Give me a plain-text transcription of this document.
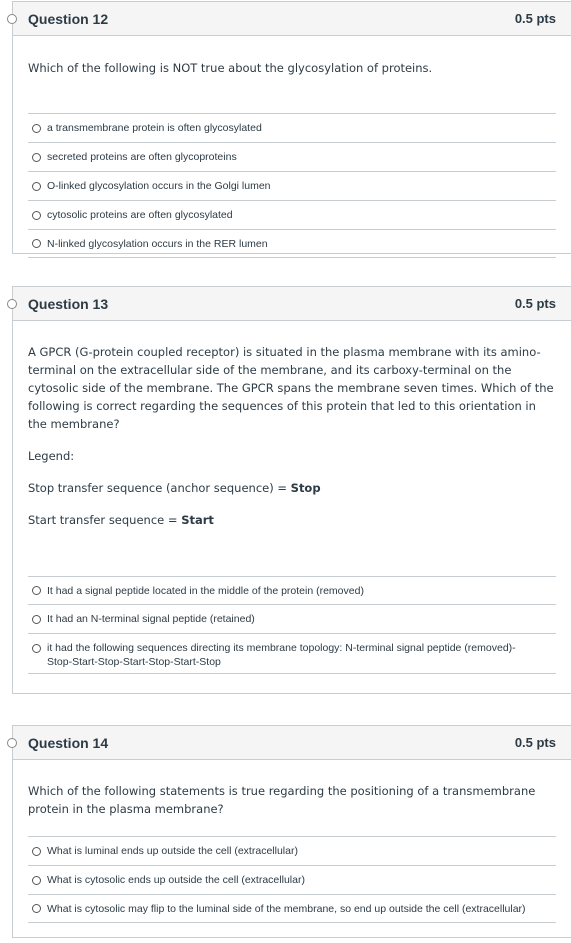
Question 12	0.5 pts

Which of the following is NOT true about the glycosylation of proteins.

a transmembrane protein is often glycosylated
secreted proteins are often glycoproteins
O-linked glycosylation occurs in the Golgi lumen
cytosolic proteins are often glycosylated
N-linked glycosylation occurs in the RER lumen
Question 13	0.5 pts

A GPCR (G-protein coupled receptor) is situated in the plasma membrane with its amino-terminal on the extracellular side of the membrane, and its carboxy-terminal on the cytosolic side of the membrane. The GPCR spans the membrane seven times. Which of the following is correct regarding the sequences of this protein that led to this orientation in the membrane?

Legend:

Stop transfer sequence (anchor sequence) = Stop

Start transfer sequence = Start

It had a signal peptide located in the middle of the protein (removed)
It had an N-terminal signal peptide (retained)
it had the following sequences directing its membrane topology: N-terminal signal peptide (removed)-Stop-Start-Stop-Start-Stop-Start-Stop
Question 14	0.5 pts

Which of the following statements is true regarding the positioning of a transmembrane protein in the plasma membrane?

What is luminal ends up outside the cell (extracellular)
What is cytosolic ends up outside the cell (extracellular)
What is cytosolic may flip to the luminal side of the membrane, so end up outside the cell (extracellular)
